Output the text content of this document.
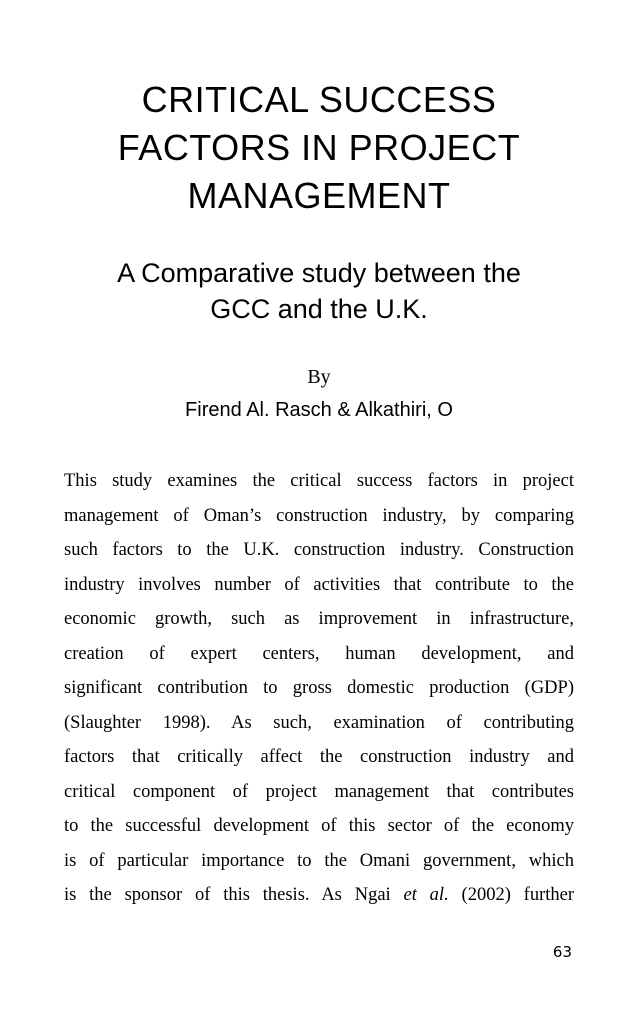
CRITICAL SUCCESS
FACTORS IN PROJECT
MANAGEMENT
A Comparative study between the
GCC and the U.K.
By
Firend Al. Rasch & Alkathiri, O
This study examines the critical success factors in project
management of Oman’s construction industry, by comparing
such factors to the U.K. construction industry. Construction
industry involves number of activities that contribute to the
economic growth, such as improvement in infrastructure,
creation of expert centers, human development, and
significant contribution to gross domestic production (GDP)
(Slaughter 1998). As such, examination of contributing
factors that critically affect the construction industry and
critical component of project management that contributes
to the successful development of this sector of the economy
is of particular importance to the Omani government, which
is the sponsor of this thesis. As Ngai et al. (2002) further
63
